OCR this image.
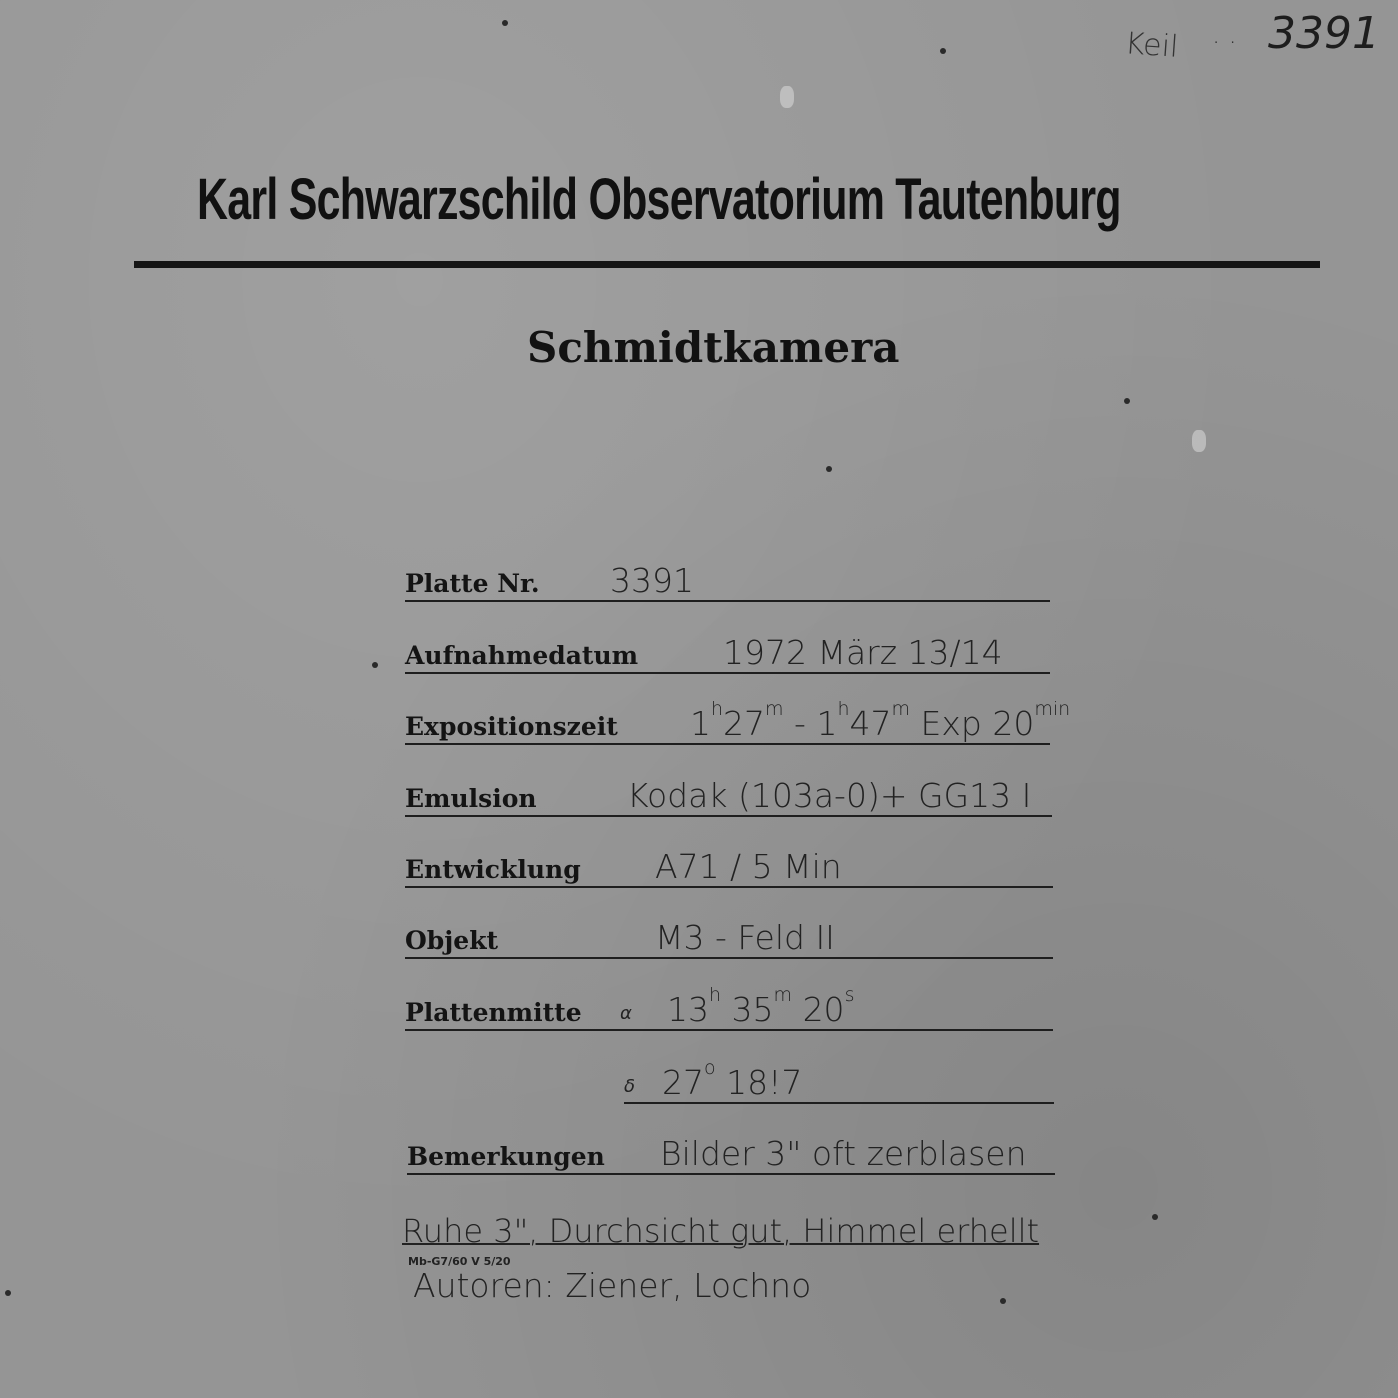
Keil · · 3391
Karl Schwarzschild Observatorium Tautenburg
Schmidtkamera
Platte Nr. 3391
Aufnahmedatum	1972 März 13/14
Expositionszeit 1$^h$27$^m$ - 1$^h$47$^m$ Exp $20^{min}$
Emulsion	Kodak (103a-0)+ GG13 I
Entwicklung A71 / 5 Min
Objekt	M3 - Feld II
Plattenmitte α 13$^h$ 35$^m$ 20$^s$
δ 27$^o$ 18!7
Bemerkungen Bilder 3" oft zerblasen
Ruhe 3", Durchsicht gut, Himmel erhellt
Mb-G7/60 V 5/20
Autoren: Ziener, Lochno
